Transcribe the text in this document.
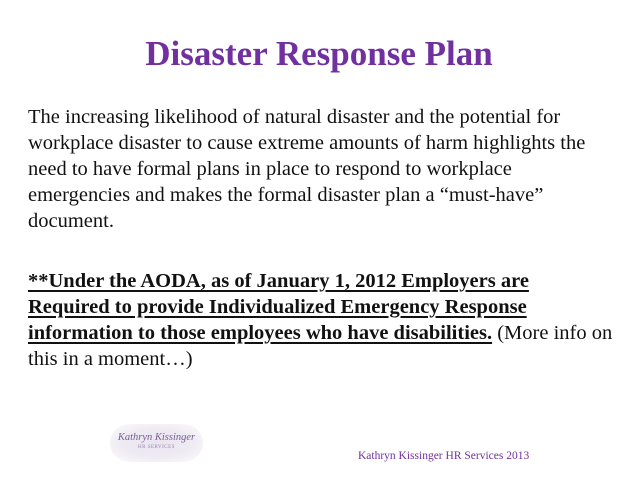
Disaster Response Plan

The increasing likelihood of natural disaster and the potential for workplace disaster to cause extreme amounts of harm highlights the need to have formal plans in place to respond to workplace emergencies and makes the formal disaster plan a “must-have” document.

**Under the AODA, as of January 1, 2012 Employers are Required to provide Individualized Emergency Response information to those employees who have disabilities. (More info on this in a moment…)

Kathryn Kissinger
HR SERVICES
Kathryn Kissinger HR Services 2013
